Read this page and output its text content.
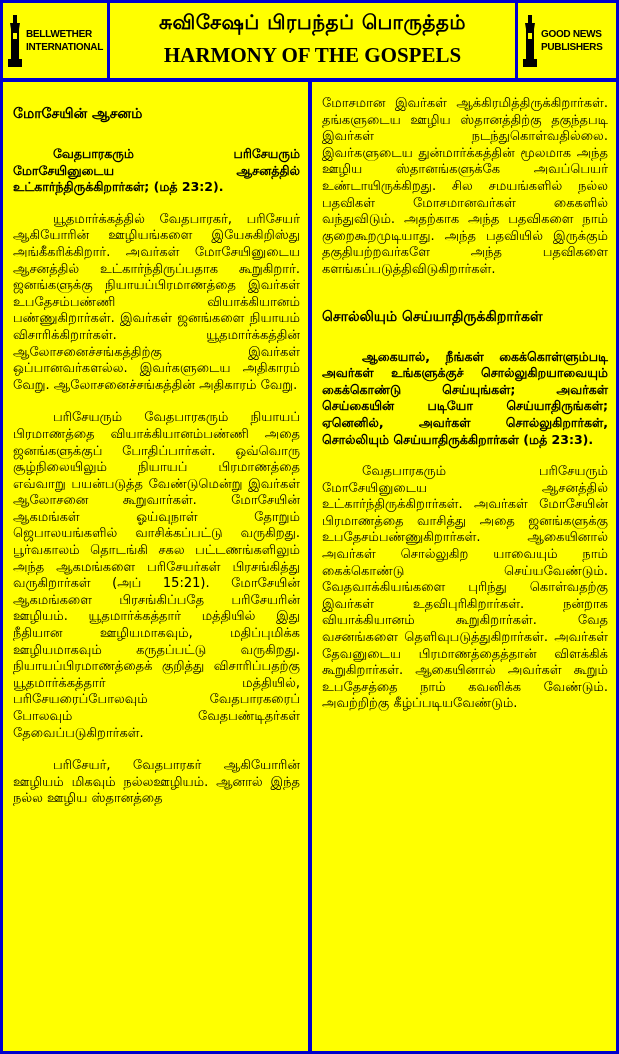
BELLWETHER
INTERNATIONAL
சுவிசேஷப் பிரபந்தப் பொருத்தம்
HARMONY OF THE GOSPELS
GOOD NEWS
PUBLISHERS
மோசேயின் ஆசனம்

வேதபாரகரும் பரிசேயரும் மோசேயினுடைய ஆசனத்தில் உட்கார்ந்திருக்கிறார்கள்; (மத் 23:2).

யூதமார்க்கத்தில் வேதபாரகர், பரிசேயர் ஆகியோரின் ஊழியங்களை இயேசுகிறிஸ்து அங்கீகரிக்கிறார். அவர்கள் மோசேயினுடைய ஆசனத்தில் உட்கார்ந்திருப்பதாக கூறுகிறார். ஜனங்களுக்கு நியாயப்பிரமாணத்தை இவர்கள் உபதேசம்பண்ணி வியாக்கியானம் பண்ணுகிறார்கள். இவர்கள் ஜனங்களை நியாயம் விசாரிக்கிறார்கள். யூதமார்க்கத்தின் ஆலோசனைச்சங்கத்திற்கு இவர்கள் ஒப்பானவர்களல்ல. இவர்களுடைய அதிகாரம் வேறு. ஆலோசனைச்சங்கத்தின் அதிகாரம் வேறு.

பரிசேயரும் வேதபாரகரும் நியாயப் பிரமாணத்தை வியாக்கியானம்பண்ணி அதை ஜனங்களுக்குப் போதிப்பார்கள். ஒவ்வொரு சூழ்நிலையிலும் நியாயப் பிரமாணத்தை எவ்வாறு பயன்படுத்த வேண்டுமென்று இவர்கள் ஆலோசனை கூறுவார்கள். மோசேயின் ஆகமங்கள் ஓய்வுநாள் தோறும் ஜெபாலயங்களில் வாசிக்கப்பட்டு வருகிறது. பூர்வகாலம் தொடங்கி சகல பட்டணங்களிலும் அந்த ஆகமங்களை பரிசேயர்கள் பிரசங்கித்து வருகிறார்கள் (அப் 15:21). மோசேயின் ஆகமங்களை பிரசங்கிப்பதே பரிசேயரின் ஊழியம். யூதமார்க்கத்தார் மத்தியில் இது நீதியான ஊழியமாகவும், மதிப்புமிக்க ஊழியமாகவும் கருதப்பட்டு வருகிறது. நியாயப்பிரமாணத்தைக் குறித்து விசாரிப்பதற்கு யூதமார்க்கத்தார் மத்தியில், பரிசேயரைப்போலவும் வேதபாரகரைப் போலவும் வேதபண்டிதர்கள் தேவைப்படுகிறார்கள்.

பரிசேயர், வேதபாரகர் ஆகியோரின் ஊழியம் மிகவும் நல்லஊழியம். ஆனால் இந்த நல்ல ஊழிய ஸ்தானத்தை

மோசமான இவர்கள் ஆக்கிரமித்திருக்கிறார்கள். தங்களுடைய ஊழிய ஸ்தானத்திற்கு தகுந்தபடி இவர்கள் நடந்துகொள்வதில்லை. இவர்களுடைய துன்மார்க்கத்தின் மூலமாக அந்த ஊழிய ஸ்தானங்களுக்கே அவப்பெயர் உண்டாயிருக்கிறது. சில சமயங்களில் நல்ல பதவிகள் மோசமானவர்கள் கைகளில் வந்துவிடும். அதற்காக அந்த பதவிகளை நாம் குறைகூறமுடியாது. அந்த பதவியில் இருக்கும் தகுதியற்றவர்களே அந்த பதவிகளை களங்கப்படுத்திவிடுகிறார்கள்.

சொல்லியும் செய்யாதிருக்கிறார்கள்

ஆகையால், நீங்கள் கைக்கொள்ளும்படி அவர்கள் உங்களுக்குச் சொல்லுகிறயாவையும் கைக்கொண்டு செய்யுங்கள்; அவர்கள் செய்கையின் படியோ செய்யாதிருங்கள்; ஏனெனில், அவர்கள் சொல்லுகிறார்கள், சொல்லியும் செய்யாதிருக்கிறார்கள் (மத் 23:3).

வேதபாரகரும் பரிசேயரும் மோசேயினுடைய ஆசனத்தில் உட்கார்ந்திருக்கிறார்கள். அவர்கள் மோசேயின் பிரமாணத்தை வாசித்து அதை ஜனங்களுக்கு உபதேசம்பண்ணுகிறார்கள். ஆகையினால் அவர்கள் சொல்லுகிற யாவையும் நாம் கைக்கொண்டு செய்யவேண்டும். வேதவாக்கியங்களை புரிந்து கொள்வதற்கு இவர்கள் உதவிபுரிகிறார்கள். நன்றாக வியாக்கியானம் கூறுகிறார்கள். வேத வசனங்களை தெளிவுபடுத்துகிறார்கள். அவர்கள் தேவனுடைய பிரமாணத்தைத்தான் விளக்கிக் கூறுகிறார்கள். ஆகையினால் அவர்கள் கூறும் உபதேசத்தை நாம் கவனிக்க வேண்டும். அவற்றிற்கு கீழ்ப்படியவேண்டும்.
